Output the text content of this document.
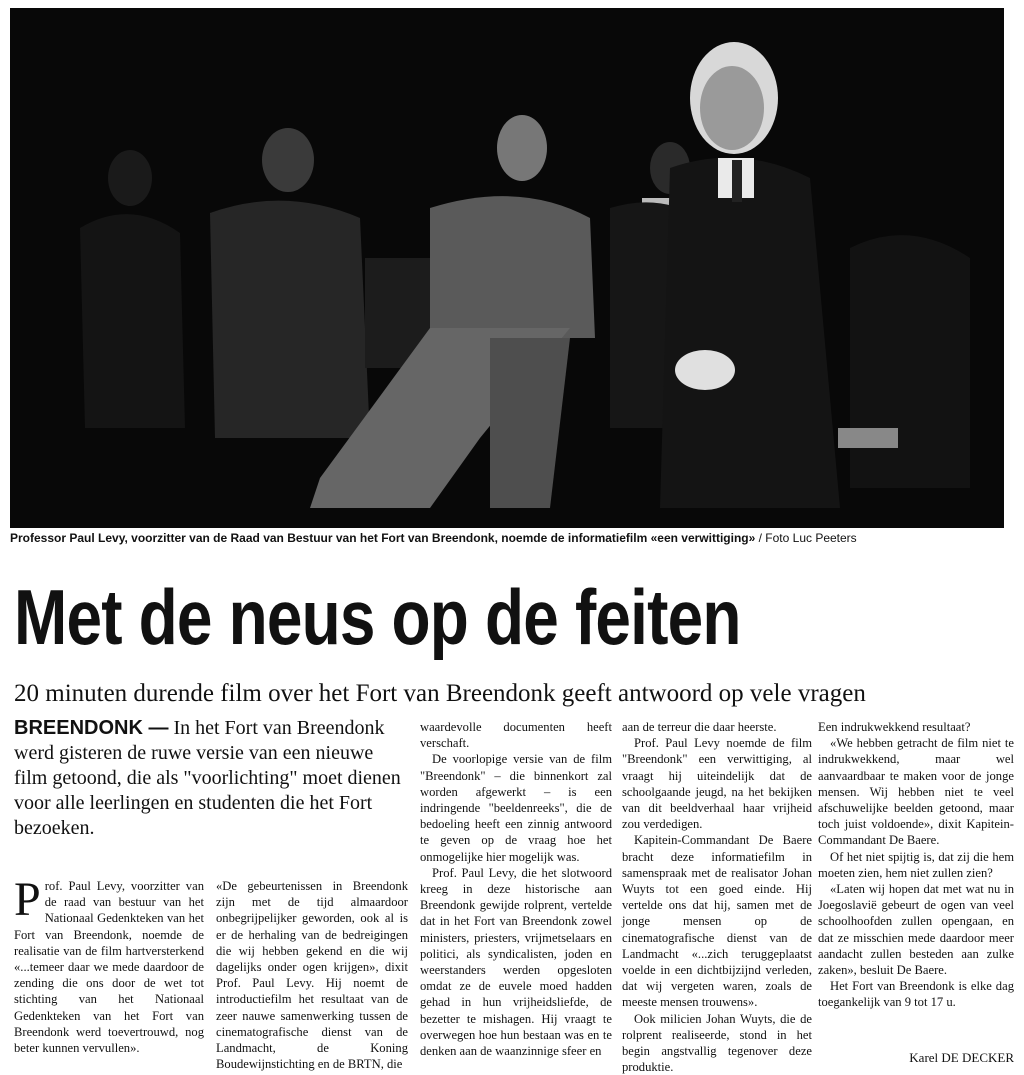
Professor Paul Levy, voorzitter van de Raad van Bestuur van het Fort van Breendonk, noemde de informatiefilm «een verwittiging» / Foto Luc Peeters
Met de neus op de feiten
20 minuten durende film over het Fort van Breendonk geeft antwoord op vele vragen
BREENDONK — In het Fort van Breendonk werd gisteren de ruwe versie van een nieuwe film getoond, die als "voorlichting" moet dienen voor alle leerlingen en studenten die het Fort bezoeken.

Prof. Paul Levy, voorzitter van de raad van bestuur van het Nationaal Gedenkteken van het Fort van Breendonk, noemde de realisatie van de film hartversterkend «...temeer daar we mede daardoor de zending die ons door de wet tot stichting van het Nationaal Gedenkteken van het Fort van Breendonk werd toevertrouwd, nog beter kunnen vervullen».

«De gebeurtenissen in Breendonk zijn met de tijd almaardoor onbegrijpelijker geworden, ook al is er de herhaling van de bedreigingen die wij hebben gekend en die wij dagelijks onder ogen krijgen», dixit Prof. Paul Levy. Hij noemt de introductiefilm het resultaat van de zeer nauwe samenwerking tussen de cinematografische dienst van de Landmacht, de Koning Boudewijnstichting en de BRTN, die

waardevolle documenten heeft verschaft.

De voorlopige versie van de film "Breendonk" – die binnenkort zal worden afgewerkt – is een indringende "beeldenreeks", die de bedoeling heeft een zinnig antwoord te geven op de vraag hoe het onmogelijke hier mogelijk was.

Prof. Paul Levy, die het slotwoord kreeg in deze historische aan Breendonk gewijde rolprent, vertelde dat in het Fort van Breendonk zowel ministers, priesters, vrijmetselaars en politici, als syndicalisten, joden en weerstanders werden opgesloten omdat ze de euvele moed hadden gehad in hun vrijheidsliefde, de bezetter te mishagen. Hij vraagt te overwegen hoe hun bestaan was en te denken aan de waanzinnige sfeer en

aan de terreur die daar heerste.

Prof. Paul Levy noemde de film "Breendonk" een verwittiging, al vraagt hij uiteindelijk dat de schoolgaande jeugd, na het bekijken van dit beeldverhaal haar vrijheid zou verdedigen.

Kapitein-Commandant De Baere bracht deze informatiefilm in samenspraak met de realisator Johan Wuyts tot een goed einde. Hij vertelde ons dat hij, samen met de jonge mensen op de cinematografische dienst van de Landmacht «...zich teruggeplaatst voelde in een dichtbijzijnd verleden, dat wij vergeten waren, zoals de meeste mensen trouwens».

Ook milicien Johan Wuyts, die de rolprent realiseerde, stond in het begin angstvallig tegenover deze produktie.

Een indrukwekkend resultaat?

«We hebben getracht de film niet te indrukwekkend, maar wel aanvaardbaar te maken voor de jonge mensen. Wij hebben niet te veel afschuwelijke beelden getoond, maar toch juist voldoende», dixit Kapitein-Commandant De Baere.

Of het niet spijtig is, dat zij die hem moeten zien, hem niet zullen zien?

«Laten wij hopen dat met wat nu in Joegoslavië gebeurt de ogen van veel schoolhoofden zullen opengaan, en dat ze misschien mede daardoor meer aandacht zullen besteden aan zulke zaken», besluit De Baere.

Het Fort van Breendonk is elke dag toegankelijk van 9 tot 17 u.

Karel DE DECKER
